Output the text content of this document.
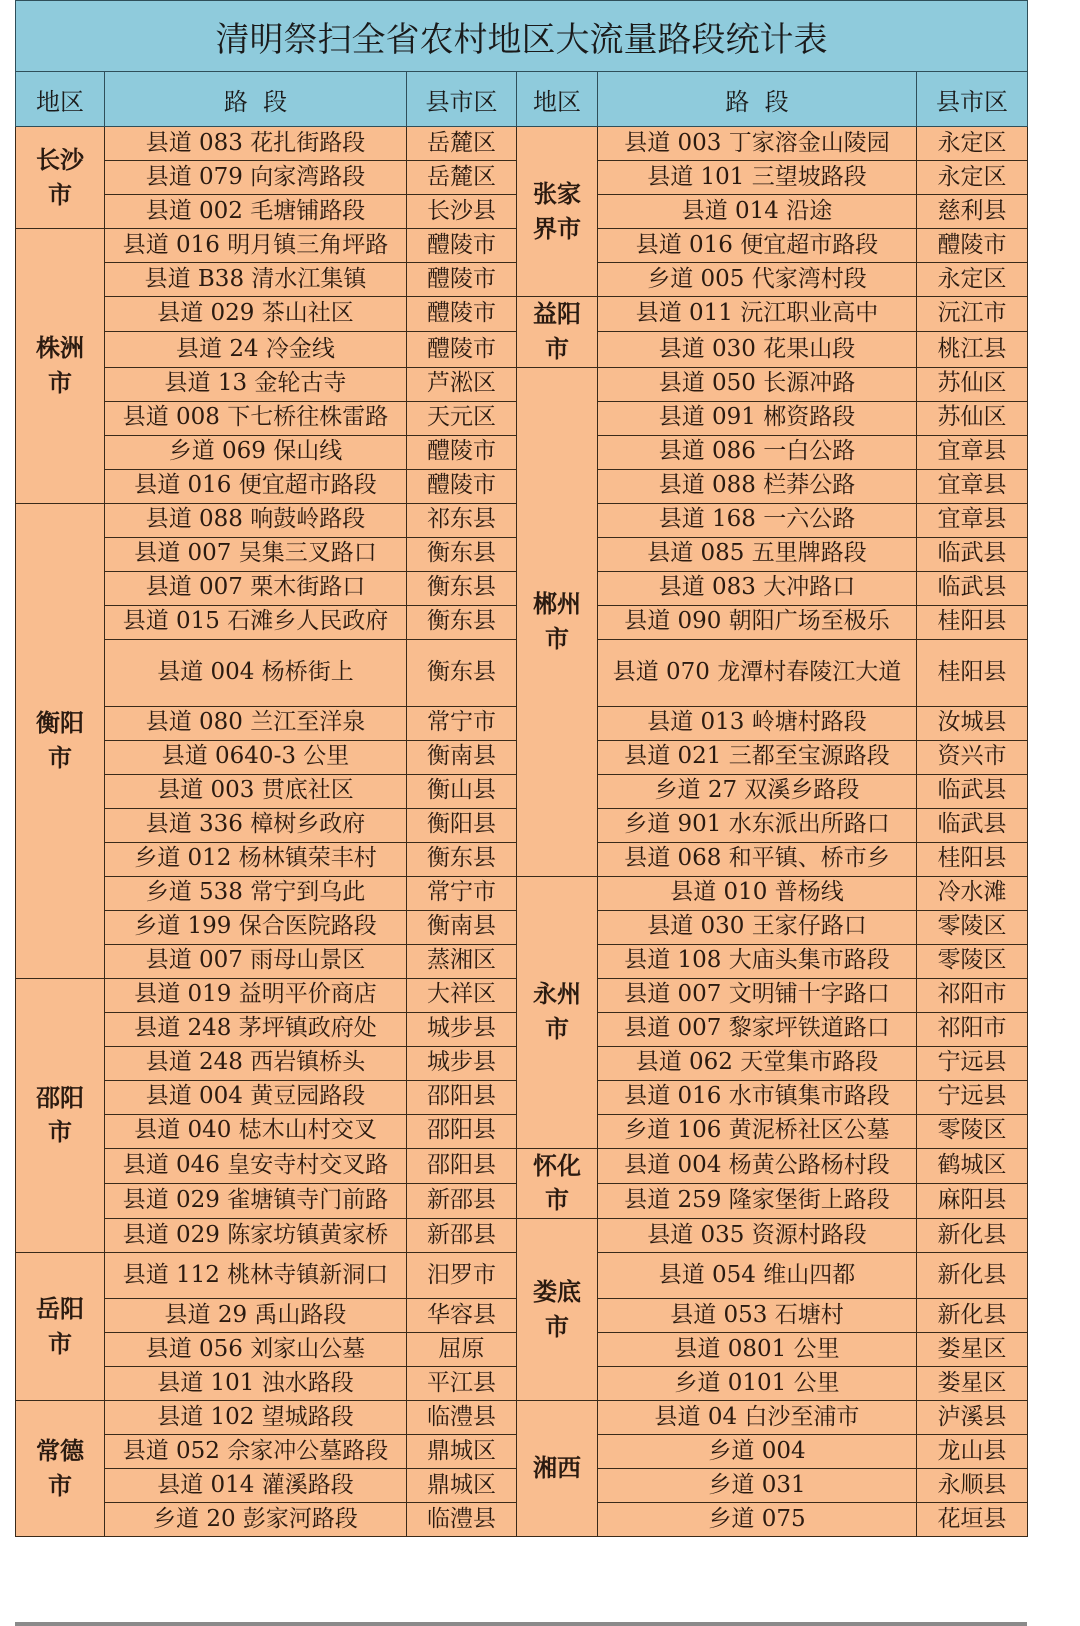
清明祭扫全省农村地区大流量路段统计表					
地区	路  段	县市区	地区	路  段	县市区
长沙市	县道 083 花扎街路段	岳麓区	张家界市	县道 003 丁家溶金山陵园	永定区
	县道 079 向家湾路段	岳麓区		县道 101 三望坡路段	永定区
	县道 002 毛塘铺路段	长沙县		县道 014 沿途	慈利县
株洲市	县道 016 明月镇三角坪路	醴陵市		县道 016 便宜超市路段	醴陵市
	县道 B38 清水江集镇	醴陵市		乡道 005 代家湾村段	永定区
	县道 029 茶山社区	醴陵市	益阳市	县道 011 沅江职业高中	沅江市
	县道 24 冷金线	醴陵市		县道 030 花果山段	桃江县
	县道 13 金轮古寺	芦淞区	郴州市	县道 050 长源冲路	苏仙区
	县道 008 下七桥往株雷路	天元区		县道 091 郴资路段	苏仙区
	乡道 069 保山线	醴陵市		县道 086 一白公路	宜章县
	县道 016 便宜超市路段	醴陵市		县道 088 栏莽公路	宜章县
衡阳市	县道 088 响鼓岭路段	祁东县		县道 168 一六公路	宜章县
	县道 007 吴集三叉路口	衡东县		县道 085 五里牌路段	临武县
	县道 007 栗木街路口	衡东县		县道 083 大冲路口	临武县
	县道 015 石滩乡人民政府	衡东县		县道 090 朝阳广场至极乐	桂阳县
	县道 004 杨桥街上	衡东县		县道 070 龙潭村春陵江大道	桂阳县
	县道 080 兰江至洋泉	常宁市		县道 013 岭塘村路段	汝城县
	县道 0640-3 公里	衡南县		县道 021 三都至宝源路段	资兴市
	县道 003 贯底社区	衡山县		乡道 27 双溪乡路段	临武县
	县道 336 樟树乡政府	衡阳县		乡道 901 水东派出所路口	临武县
	乡道 012 杨林镇荣丰村	衡东县		县道 068 和平镇、桥市乡	桂阳县
	乡道 538 常宁到乌此	常宁市	永州市	县道 010 普杨线	冷水滩
	乡道 199 保合医院路段	衡南县		县道 030 王家仔路口	零陵区
	县道 007 雨母山景区	蒸湘区		县道 108 大庙头集市路段	零陵区
邵阳市	县道 019 益明平价商店	大祥区		县道 007 文明铺十字路口	祁阳市
	县道 248 茅坪镇政府处	城步县		县道 007 黎家坪铁道路口	祁阳市
	县道 248 西岩镇桥头	城步县		县道 062 天堂集市路段	宁远县
	县道 004 黄豆园路段	邵阳县		县道 016 水市镇集市路段	宁远县
	县道 040 梽木山村交叉	邵阳县		乡道 106 黄泥桥社区公墓	零陵区
	县道 046 皇安寺村交叉路	邵阳县	怀化市	县道 004 杨黄公路杨村段	鹤城区
	县道 029 雀塘镇寺门前路	新邵县		县道 259 隆家堡街上路段	麻阳县
	县道 029 陈家坊镇黄家桥	新邵县	娄底市	县道 035 资源村路段	新化县
岳阳市	县道 112 桃林寺镇新洞口	汨罗市		县道 054 维山四都	新化县
	县道 29 禹山路段	华容县		县道 053 石塘村	新化县
	县道 056 刘家山公墓	屈原		县道 0801 公里	娄星区
	县道 101 浊水路段	平江县		乡道 0101 公里	娄星区
常德市	县道 102 望城路段	临澧县	湘西	县道 04 白沙至浦市	泸溪县
	县道 052 佘家冲公墓路段	鼎城区		乡道 004	龙山县
	县道 014 灌溪路段	鼎城区		乡道 031	永顺县
	乡道 20 彭家河路段	临澧县		乡道 075	花垣县
